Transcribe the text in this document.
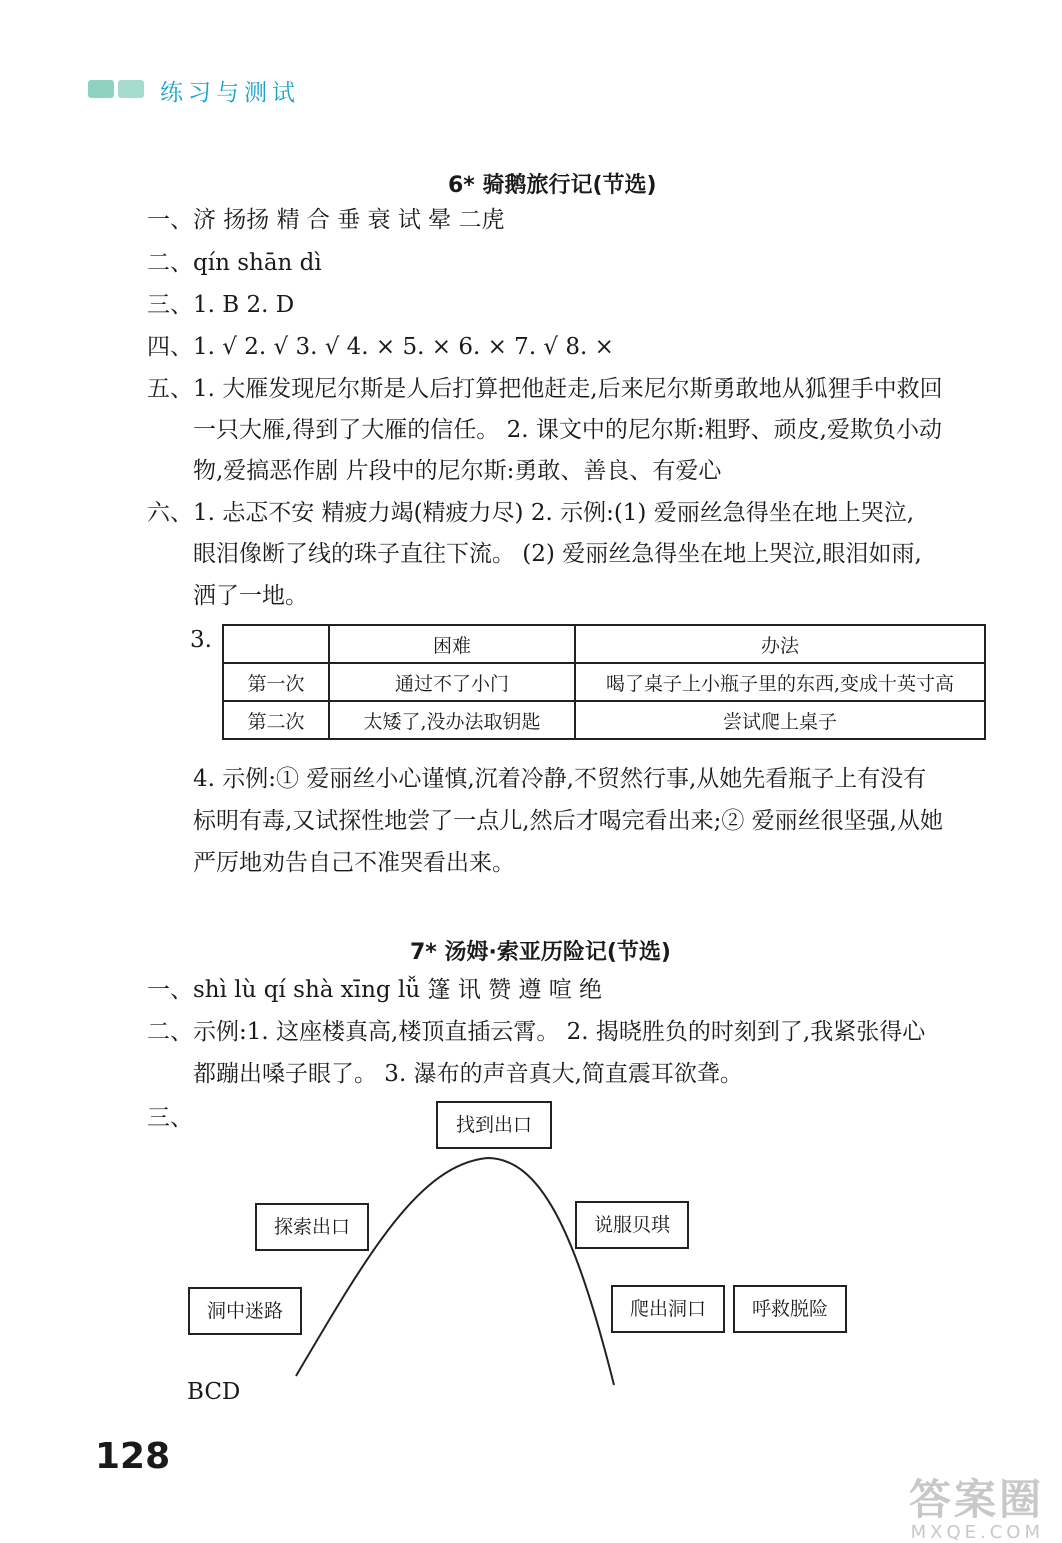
练习与测试
6* 骑鹅旅行记(节选)
一、济 扬扬 精 合 垂 衰 试 晕 二虎
二、qín shān dì
三、1. B 2. D
四、1. √ 2. √ 3. √ 4. × 5. × 6. × 7. √ 8. ×
五、1. 大雁发现尼尔斯是人后打算把他赶走,后来尼尔斯勇敢地从狐狸手中救回
一只大雁,得到了大雁的信任。 2. 课文中的尼尔斯:粗野、顽皮,爱欺负小动
物,爱搞恶作剧 片段中的尼尔斯:勇敢、善良、有爱心
六、1. 忐忑不安 精疲力竭(精疲力尽) 2. 示例:(1) 爱丽丝急得坐在地上哭泣,
眼泪像断了线的珠子直往下流。 (2) 爱丽丝急得坐在地上哭泣,眼泪如雨,
洒了一地。
3.
		困难	办法
第一次	通过不了小门	喝了桌子上小瓶子里的东西,变成十英寸高
第二次	太矮了,没办法取钥匙	尝试爬上桌子
4. 示例:① 爱丽丝小心谨慎,沉着冷静,不贸然行事,从她先看瓶子上有没有
标明有毒,又试探性地尝了一点儿,然后才喝完看出来;② 爱丽丝很坚强,从她
严厉地劝告自己不准哭看出来。
7* 汤姆·索亚历险记(节选)
一、shì lù qí shà xīng lǚ 篷 讯 赞 遵 喧 绝
二、示例:1. 这座楼真高,楼顶直插云霄。 2. 揭晓胜负的时刻到了,我紧张得心
都蹦出嗓子眼了。 3. 瀑布的声音真大,简直震耳欲聋。
三、	找到出口
探索出口
洞中迷路
说服贝琪
爬出洞口	呼救脱险
BCD
128
答案圈
MXQE.COM
